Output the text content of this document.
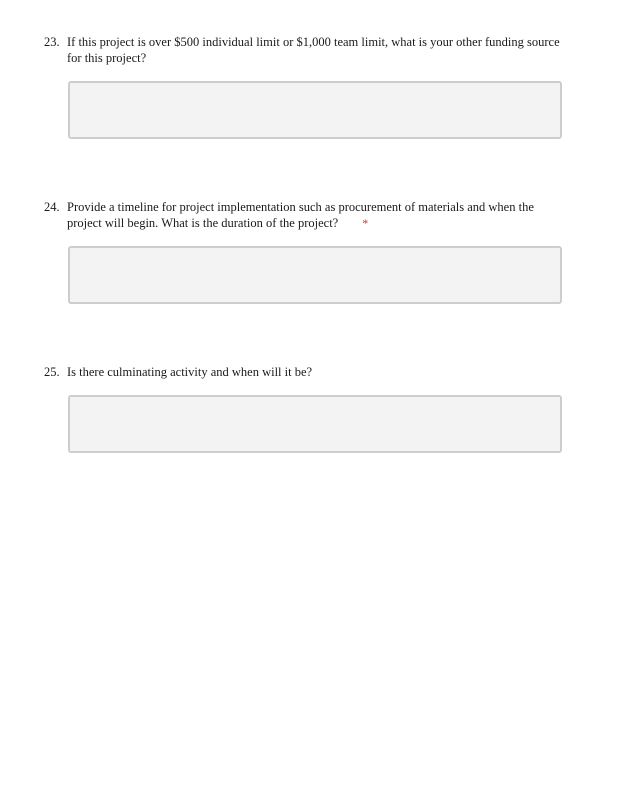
23. If this project is over $500 individual limit or $1,000 team limit, what is your other funding source for this project?
24. Provide a timeline for project implementation such as procurement of materials and when the project will begin. What is the duration of the project? *
25. Is there culminating activity and when will it be?
